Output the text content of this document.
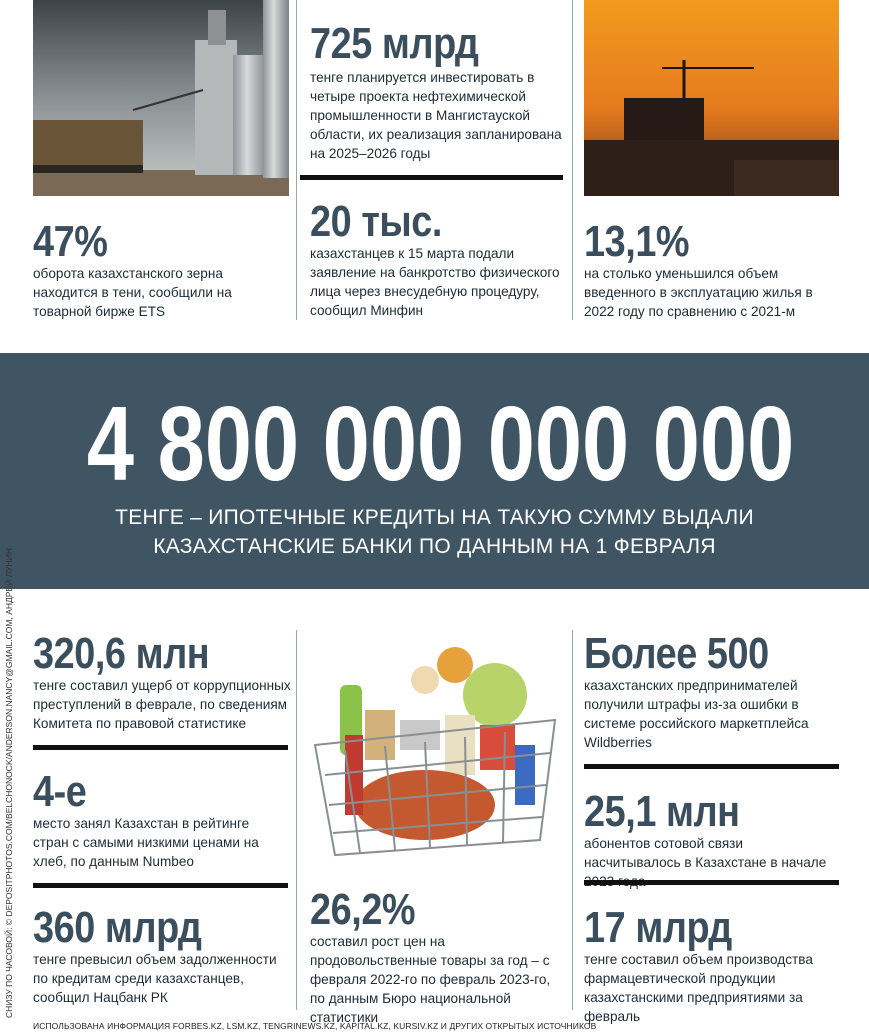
725 млрд
тенге планируется инвестировать в четыре проекта нефтехимической промышленности в Мангистауской области, их реализация запланирована на 2025–2026 годы
47%
оборота казахстанского зерна находится в тени, сообщили на товарной бирже ETS
20 тыс.
казахстанцев к 15 марта подали заявление на банкротство физического лица через внесудебную процедуру, сообщил Минфин
13,1%
на столько уменьшился объем введенного в эксплуатацию жилья в 2022 году по сравнению с 2021-м
4 800 000 000 000
ТЕНГЕ – ИПОТЕЧНЫЕ КРЕДИТЫ НА ТАКУЮ СУММУ ВЫДАЛИ КАЗАХСТАНСКИЕ БАНКИ ПО ДАННЫМ НА 1 ФЕВРАЛЯ
320,6 млн
тенге составил ущерб от коррупционных преступлений в феврале, по сведениям Комитета по правовой статистике
4-е
место занял Казахстан в рейтинге стран с самыми низкими ценами на хлеб, по данным Numbeo
360 млрд
тенге превысил объем задолженности по кредитам среди казахстанцев, сообщил Нацбанк РК
26,2%
составил рост цен на продовольственные товары за год – с февраля 2022-го по февраль 2023-го, по данным Бюро национальной статистики
Более 500
казахстанских предпринимателей получили штрафы из-за ошибки в системе российского маркетплейса Wildberries
25,1 млн
абонентов сотовой связи насчитывалось в Казахстане в начале
17 млрд
тенге составил объем производства фармацевтической продукции казахстанскими предприятиями за февраль
СНИЗУ ПО ЧАСОВОЙ: © DEPOSITPHOTOS.COM/BELCHONOCK/ANDERSON.NANCY@GMAIL.COM, АНДРЕЙ ЛУНИН
ИСПОЛЬЗОВАНА ИНФОРМАЦИЯ FORBES.KZ, LSM.KZ, TENGRINEWS.KZ, KAPITAL.KZ, KURSIV.KZ И ДРУГИХ ОТКРЫТЫХ ИСТОЧНИКОВ
